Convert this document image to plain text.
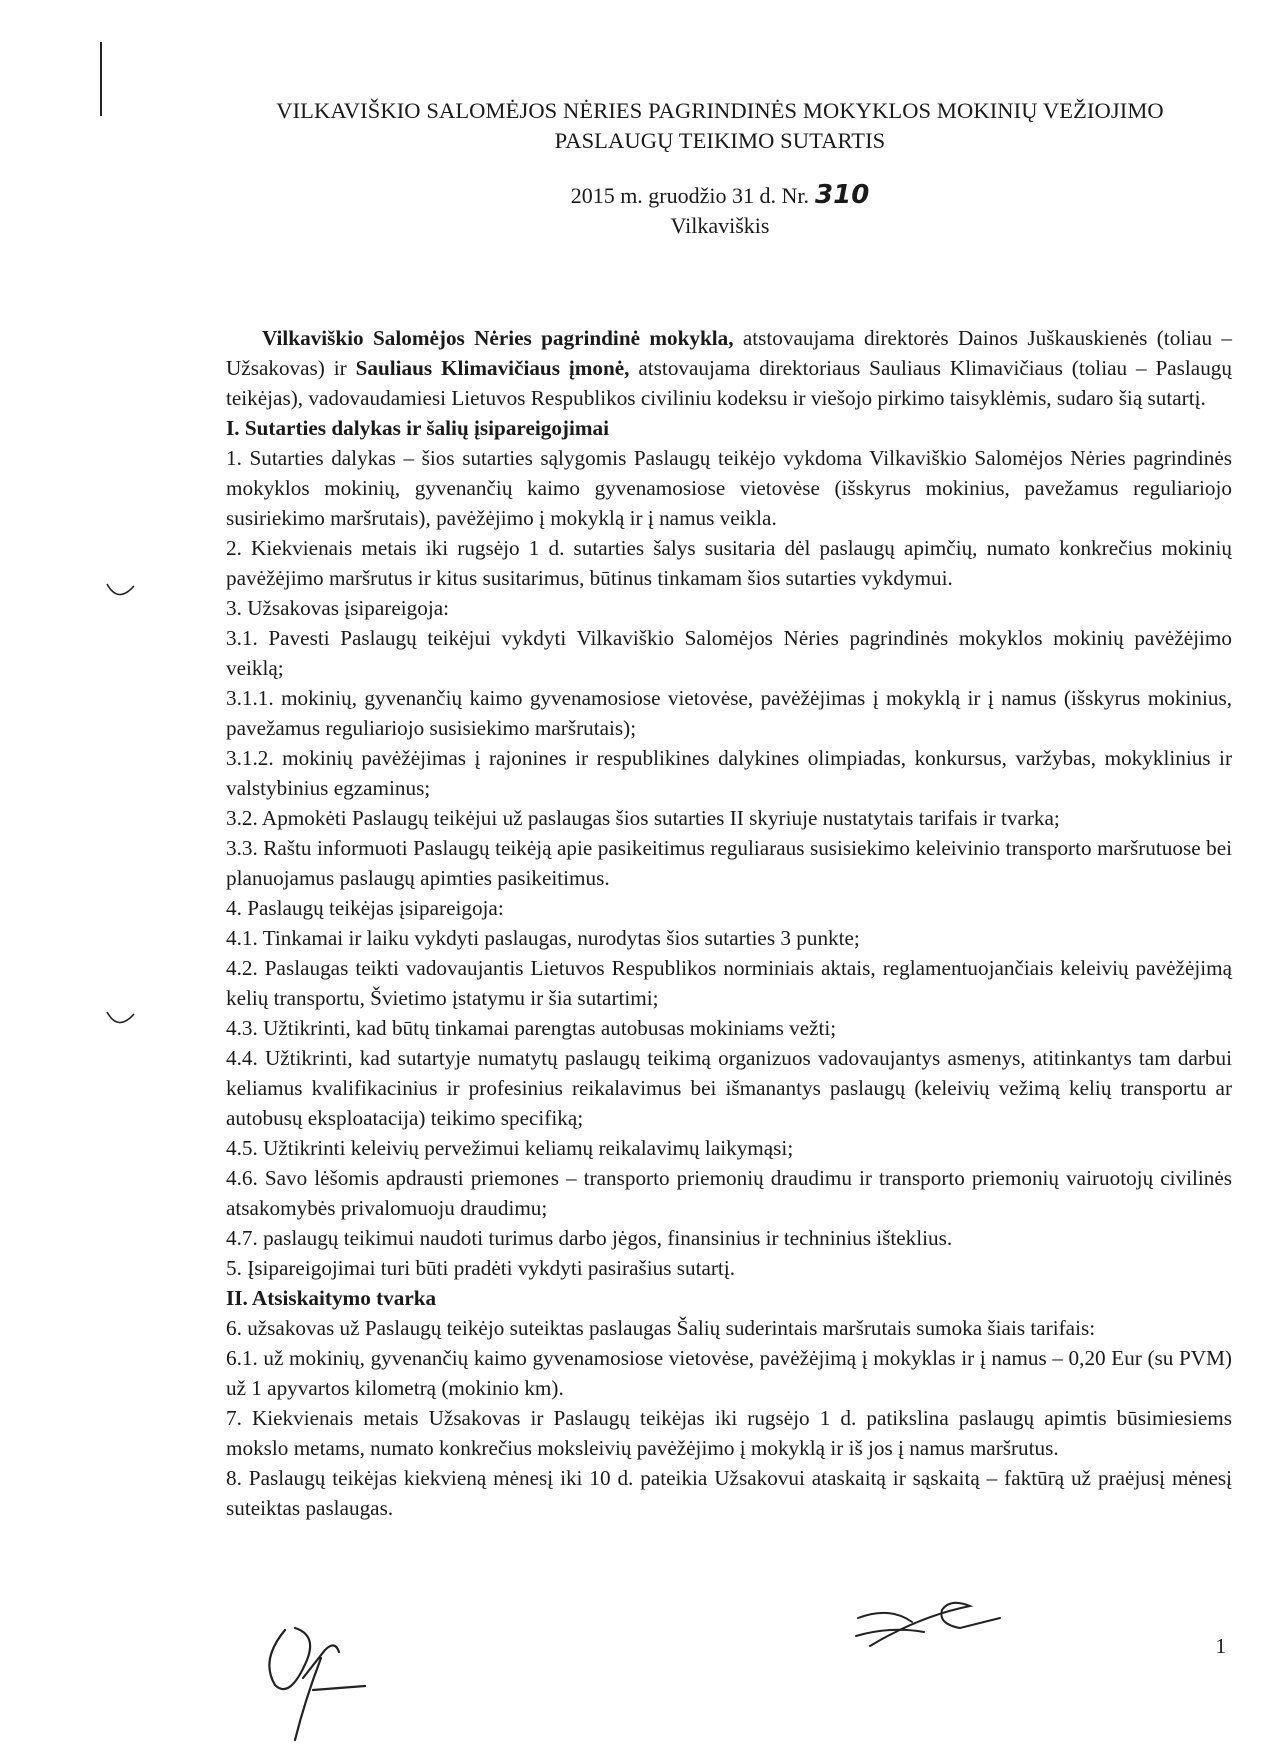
VILKAVIŠKIO SALOMĖJOS NĖRIES PAGRINDINĖS MOKYKLOS MOKINIŲ VEŽIOJIMO
PASLAUGŲ TEIKIMO SUTARTIS
2015 m. gruodžio 31 d. Nr. 310
Vilkaviškis

Vilkaviškio Salomėjos Nėries pagrindinė mokykla, atstovaujama direktorės Dainos Juškauskienės (toliau – Užsakovas) ir Sauliaus Klimavičiaus įmonė, atstovaujama direktoriaus Sauliaus Klimavičiaus (toliau – Paslaugų teikėjas), vadovaudamiesi Lietuvos Respublikos civiliniu kodeksu ir viešojo pirkimo taisyklėmis, sudaro šią sutartį.

I. Sutarties dalykas ir šalių įsipareigojimai

1. Sutarties dalykas – šios sutarties sąlygomis Paslaugų teikėjo vykdoma Vilkaviškio Salomėjos Nėries pagrindinės mokyklos mokinių, gyvenančių kaimo gyvenamosiose vietovėse (išskyrus mokinius, pavežamus reguliariojo susiriekimo maršrutais), pavėžėjimo į mokyklą ir į namus veikla.

2. Kiekvienais metais iki rugsėjo 1 d. sutarties šalys susitaria dėl paslaugų apimčių, numato konkrečius mokinių pavėžėjimo maršrutus ir kitus susitarimus, būtinus tinkamam šios sutarties vykdymui.

3. Užsakovas įsipareigoja:

3.1. Pavesti Paslaugų teikėjui vykdyti Vilkaviškio Salomėjos Nėries pagrindinės mokyklos mokinių pavėžėjimo veiklą;

3.1.1. mokinių, gyvenančių kaimo gyvenamosiose vietovėse, pavėžėjimas į mokyklą ir į namus (išskyrus mokinius, pavežamus reguliariojo susisiekimo maršrutais);

3.1.2. mokinių pavėžėjimas į rajonines ir respublikines dalykines olimpiadas, konkursus, varžybas, mokyklinius ir valstybinius egzaminus;

3.2. Apmokėti Paslaugų teikėjui už paslaugas šios sutarties II skyriuje nustatytais tarifais ir tvarka;

3.3. Raštu informuoti Paslaugų teikėją apie pasikeitimus reguliaraus susisiekimo keleivinio transporto maršrutuose bei planuojamus paslaugų apimties pasikeitimus.

4. Paslaugų teikėjas įsipareigoja:

4.1. Tinkamai ir laiku vykdyti paslaugas, nurodytas šios sutarties 3 punkte;

4.2. Paslaugas teikti vadovaujantis Lietuvos Respublikos norminiais aktais, reglamentuojančiais keleivių pavėžėjimą kelių transportu, Švietimo įstatymu ir šia sutartimi;

4.3. Užtikrinti, kad būtų tinkamai parengtas autobusas mokiniams vežti;

4.4. Užtikrinti, kad sutartyje numatytų paslaugų teikimą organizuos vadovaujantys asmenys, atitinkantys tam darbui keliamus kvalifikacinius ir profesinius reikalavimus bei išmanantys paslaugų (keleivių vežimą kelių transportu ar autobusų eksploatacija) teikimo specifiką;

4.5. Užtikrinti keleivių pervežimui keliamų reikalavimų laikymąsi;

4.6. Savo lėšomis apdrausti priemones – transporto priemonių draudimu ir transporto priemonių vairuotojų civilinės atsakomybės privalomuoju draudimu;

4.7. paslaugų teikimui naudoti turimus darbo jėgos, finansinius ir techninius išteklius.

5. Įsipareigojimai turi būti pradėti vykdyti pasirašius sutartį.

II. Atsiskaitymo tvarka

6. užsakovas už Paslaugų teikėjo suteiktas paslaugas Šalių suderintais maršrutais sumoka šiais tarifais:

6.1. už mokinių, gyvenančių kaimo gyvenamosiose vietovėse, pavėžėjimą į mokyklas ir į namus – 0,20 Eur (su PVM) už 1 apyvartos kilometrą (mokinio km).

7. Kiekvienais metais Užsakovas ir Paslaugų teikėjas iki rugsėjo 1 d. patikslina paslaugų apimtis būsimiesiems mokslo metams, numato konkrečius moksleivių pavėžėjimo į mokyklą ir iš jos į namus maršrutus.

8. Paslaugų teikėjas kiekvieną mėnesį iki 10 d. pateikia Užsakovui ataskaitą ir sąskaitą – faktūrą už praėjusį mėnesį suteiktas paslaugas.

1
